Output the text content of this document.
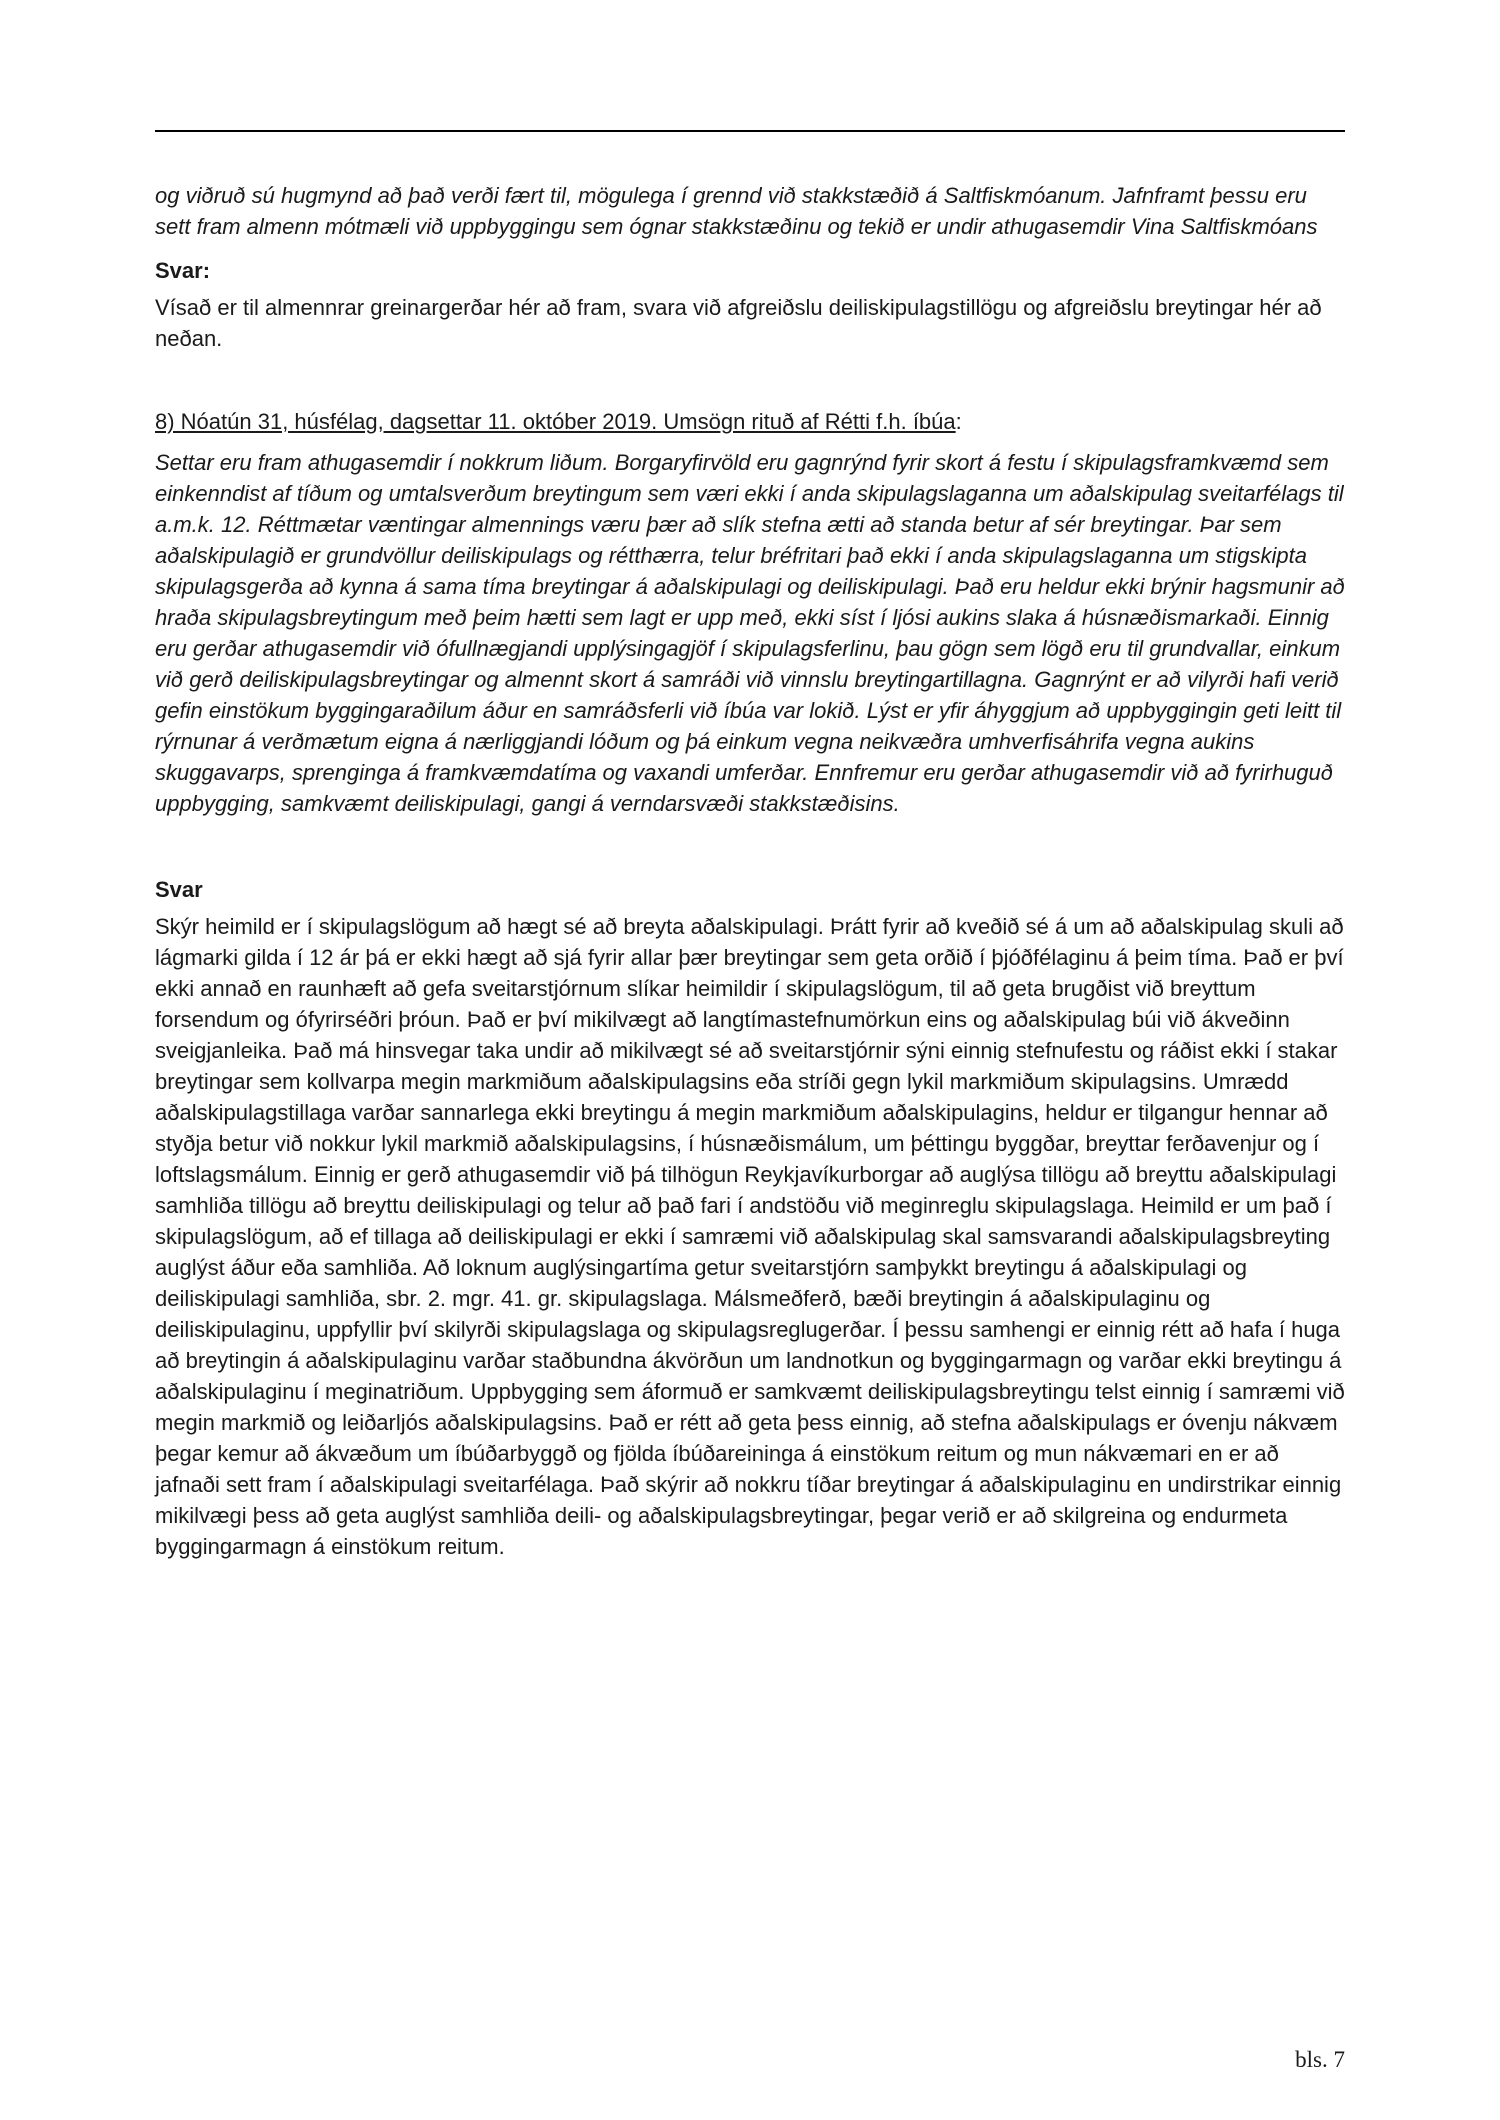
og viðruð sú hugmynd að það verði fært til, mögulega í grennd við stakkstæðið á Saltfiskmóanum. Jafnframt þessu eru sett fram almenn mótmæli við uppbyggingu sem ógnar stakkstæðinu og tekið er undir athugasemdir Vina Saltfiskmóans

Svar:

Vísað er til almennrar greinargerðar hér að fram, svara við afgreiðslu deiliskipulagstillögu og afgreiðslu breytingar hér að neðan.

8) Nóatún 31, húsfélag, dagsettar 11. október 2019. Umsögn rituð af Rétti f.h. íbúa:

Settar eru fram athugasemdir í nokkrum liðum. Borgaryfirvöld eru gagnrýnd fyrir skort á festu í skipulagsframkvæmd sem einkenndist af tíðum og umtalsverðum breytingum sem væri ekki í anda skipulagslaganna um aðalskipulag sveitarfélags til a.m.k. 12. Réttmætar væntingar almennings væru þær að slík stefna ætti að standa betur af sér breytingar. Þar sem aðalskipulagið er grundvöllur deiliskipulags og rétthærra, telur bréfritari það ekki í anda skipulagslaganna um stigskipta skipulagsgerða að kynna á sama tíma breytingar á aðalskipulagi og deiliskipulagi. Það eru heldur ekki brýnir hagsmunir að hraða skipulagsbreytingum með þeim hætti sem lagt er upp með, ekki síst í ljósi aukins slaka á húsnæðismarkaði. Einnig eru gerðar athugasemdir við ófullnægjandi upplýsingagjöf í skipulagsferlinu, þau gögn sem lögð eru til grundvallar, einkum við gerð deiliskipulagsbreytingar og almennt skort á samráði við vinnslu breytingartillagna. Gagnrýnt er að vilyrði hafi verið gefin einstökum byggingaraðilum áður en samráðsferli við íbúa var lokið. Lýst er yfir áhyggjum að uppbyggingin geti leitt til rýrnunar á verðmætum eigna á nærliggjandi lóðum og þá einkum vegna neikvæðra umhverfisáhrifa vegna aukins skuggavarps, sprenginga á framkvæmdatíma og vaxandi umferðar. Ennfremur eru gerðar athugasemdir við að fyrirhuguð uppbygging, samkvæmt deiliskipulagi, gangi á verndarsvæði stakkstæðisins.

Svar

Skýr heimild er í skipulagslögum að hægt sé að breyta aðalskipulagi. Þrátt fyrir að kveðið sé á um að aðalskipulag skuli að lágmarki gilda í 12 ár þá er ekki hægt að sjá fyrir allar þær breytingar sem geta orðið í þjóðfélaginu á þeim tíma. Það er því ekki annað en raunhæft að gefa sveitarstjórnum slíkar heimildir í skipulagslögum, til að geta brugðist við breyttum forsendum og ófyrirséðri þróun. Það er því mikilvægt að langtímastefnumörkun eins og aðalskipulag búi við ákveðinn sveigjanleika. Það má hinsvegar taka undir að mikilvægt sé að sveitarstjórnir sýni einnig stefnufestu og ráðist ekki í stakar breytingar sem kollvarpa megin markmiðum aðalskipulagsins eða stríði gegn lykil markmiðum skipulagsins. Umrædd aðalskipulagstillaga varðar sannarlega ekki breytingu á megin markmiðum aðalskipulagins, heldur er tilgangur hennar að styðja betur við nokkur lykil markmið aðalskipulagsins, í húsnæðismálum, um þéttingu byggðar, breyttar ferðavenjur og í loftslagsmálum. Einnig er gerð athugasemdir við þá tilhögun Reykjavíkurborgar að auglýsa tillögu að breyttu aðalskipulagi samhliða tillögu að breyttu deiliskipulagi og telur að það fari í andstöðu við meginreglu skipulagslaga. Heimild er um það í skipulagslögum, að ef tillaga að deiliskipulagi er ekki í samræmi við aðalskipulag skal samsvarandi aðalskipulagsbreyting auglýst áður eða samhliða. Að loknum auglýsingartíma getur sveitarstjórn samþykkt breytingu á aðalskipulagi og deiliskipulagi samhliða, sbr. 2. mgr. 41. gr. skipulagslaga. Málsmeðferð, bæði breytingin á aðalskipulaginu og deiliskipulaginu, uppfyllir því skilyrði skipulagslaga og skipulagsreglugerðar. Í þessu samhengi er einnig rétt að hafa í huga að breytingin á aðalskipulaginu varðar staðbundna ákvörðun um landnotkun og byggingarmagn og varðar ekki breytingu á aðalskipulaginu í meginatriðum. Uppbygging sem áformuð er samkvæmt deiliskipulagsbreytingu telst einnig í samræmi við megin markmið og leiðarljós aðalskipulagsins. Það er rétt að geta þess einnig, að stefna aðalskipulags er óvenju nákvæm þegar kemur að ákvæðum um íbúðarbyggð og fjölda íbúðareininga á einstökum reitum og mun nákvæmari en er að jafnaði sett fram í aðalskipulagi sveitarfélaga. Það skýrir að nokkru tíðar breytingar á aðalskipulaginu en undirstrikar einnig mikilvægi þess að geta auglýst samhliða deili- og aðalskipulagsbreytingar, þegar verið er að skilgreina og endurmeta byggingarmagn á einstökum reitum.

bls. 7
